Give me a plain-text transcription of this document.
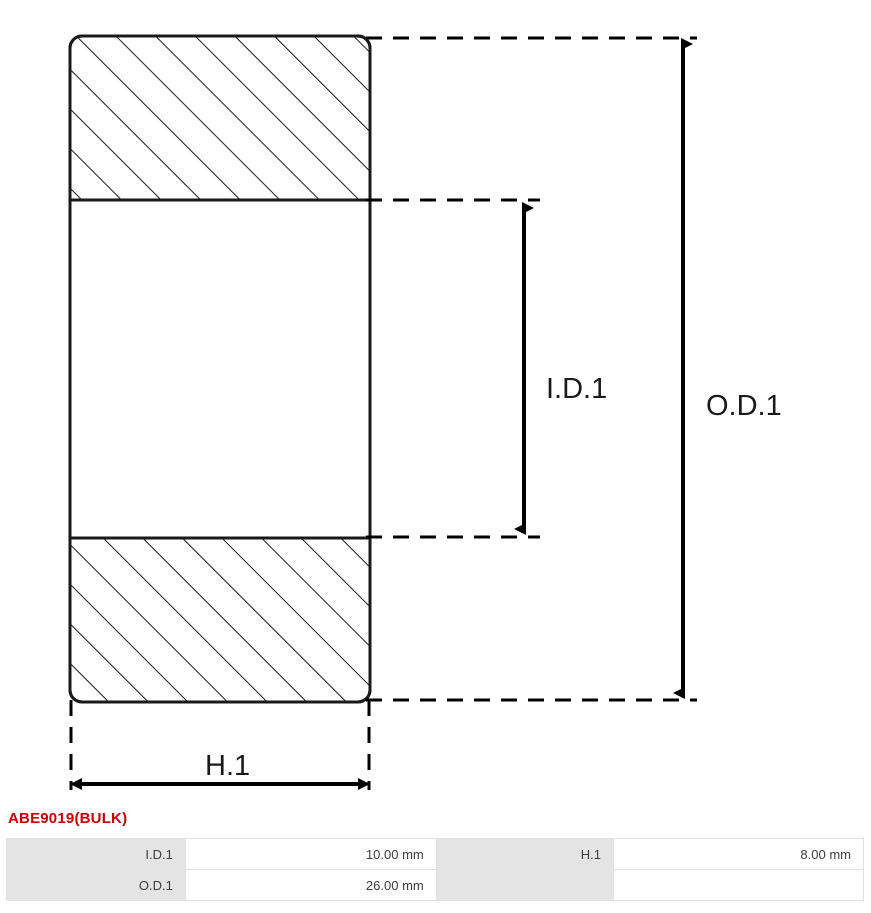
I.D.1
O.D.1
H.1
ABE9019(BULK)
I.D.1	10.00 mm	H.1	8.00 mm
O.D.1	26.00 mm		
